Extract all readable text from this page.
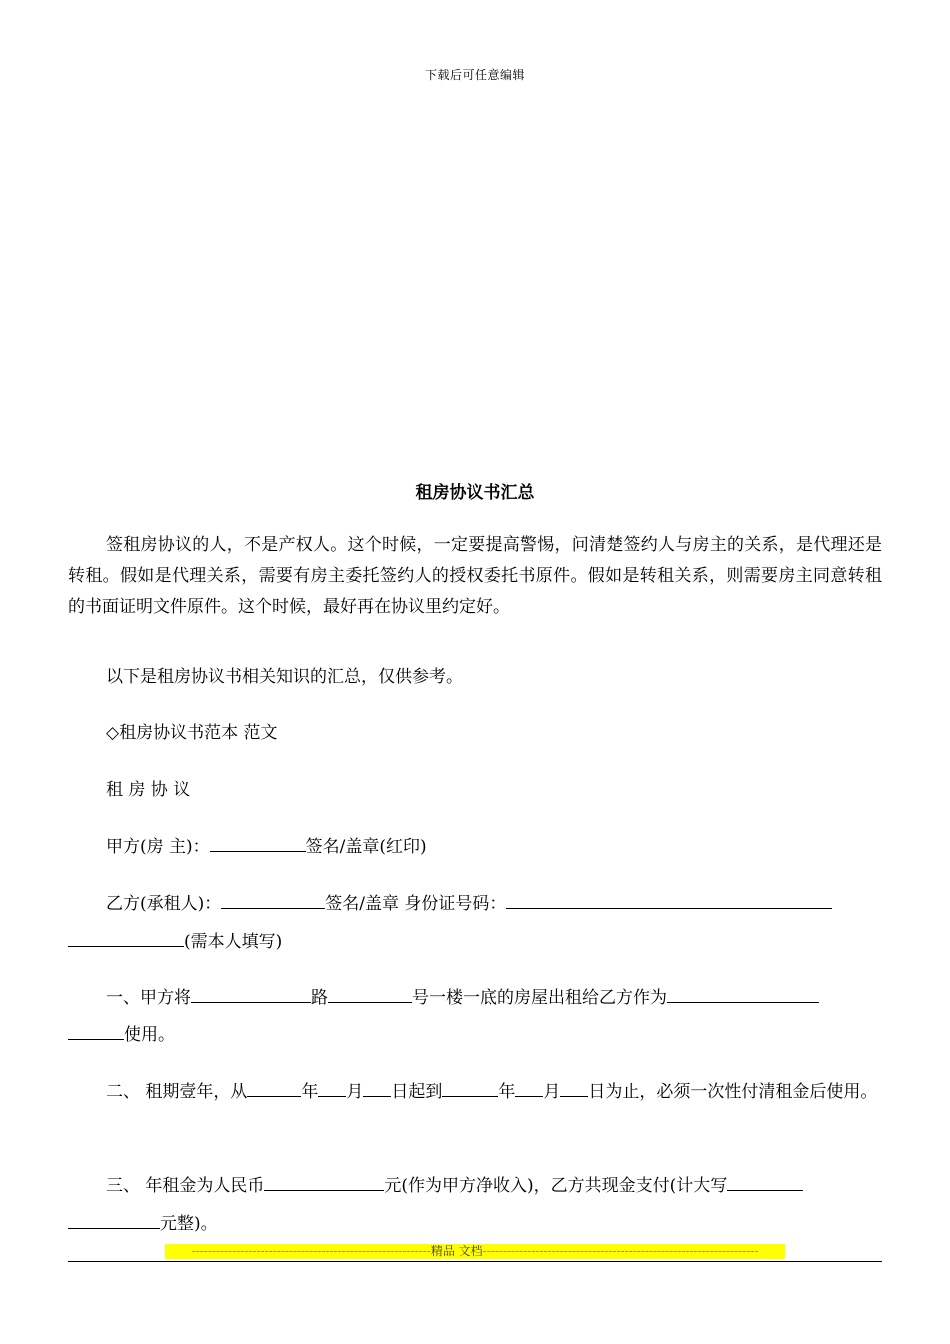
下载后可任意编辑
租房协议书汇总

签租房协议的人，不是产权人。这个时候，一定要提高警惕，问清楚签约人与房主的关系，是代理还是转租。假如是代理关系，需要有房主委托签约人的授权委托书原件。假如是转租关系，则需要房主同意转租的书面证明文件原件。这个时候，最好再在协议里约定好。

以下是租房协议书相关知识的汇总，仅供参考。

◇租房协议书范本 范文

租 房 协 议

甲方(房 主)：	签名/盖章(红印)

乙方(承租人)：	签名/盖章 身份证号码：

(需本人填写)

一、甲方将	路	号一楼一底的房屋出租给乙方作为

使用。

二、 租期壹年，从	年 月 日起到	年 月 日为止，必须一次性付清租金后使用。

三、 年租金为人民币	元(作为甲方净收入)，乙方共现金支付(计大写

元整)。

-----------------------------------------------------------精品 文档--------------------------------------------------------------------
